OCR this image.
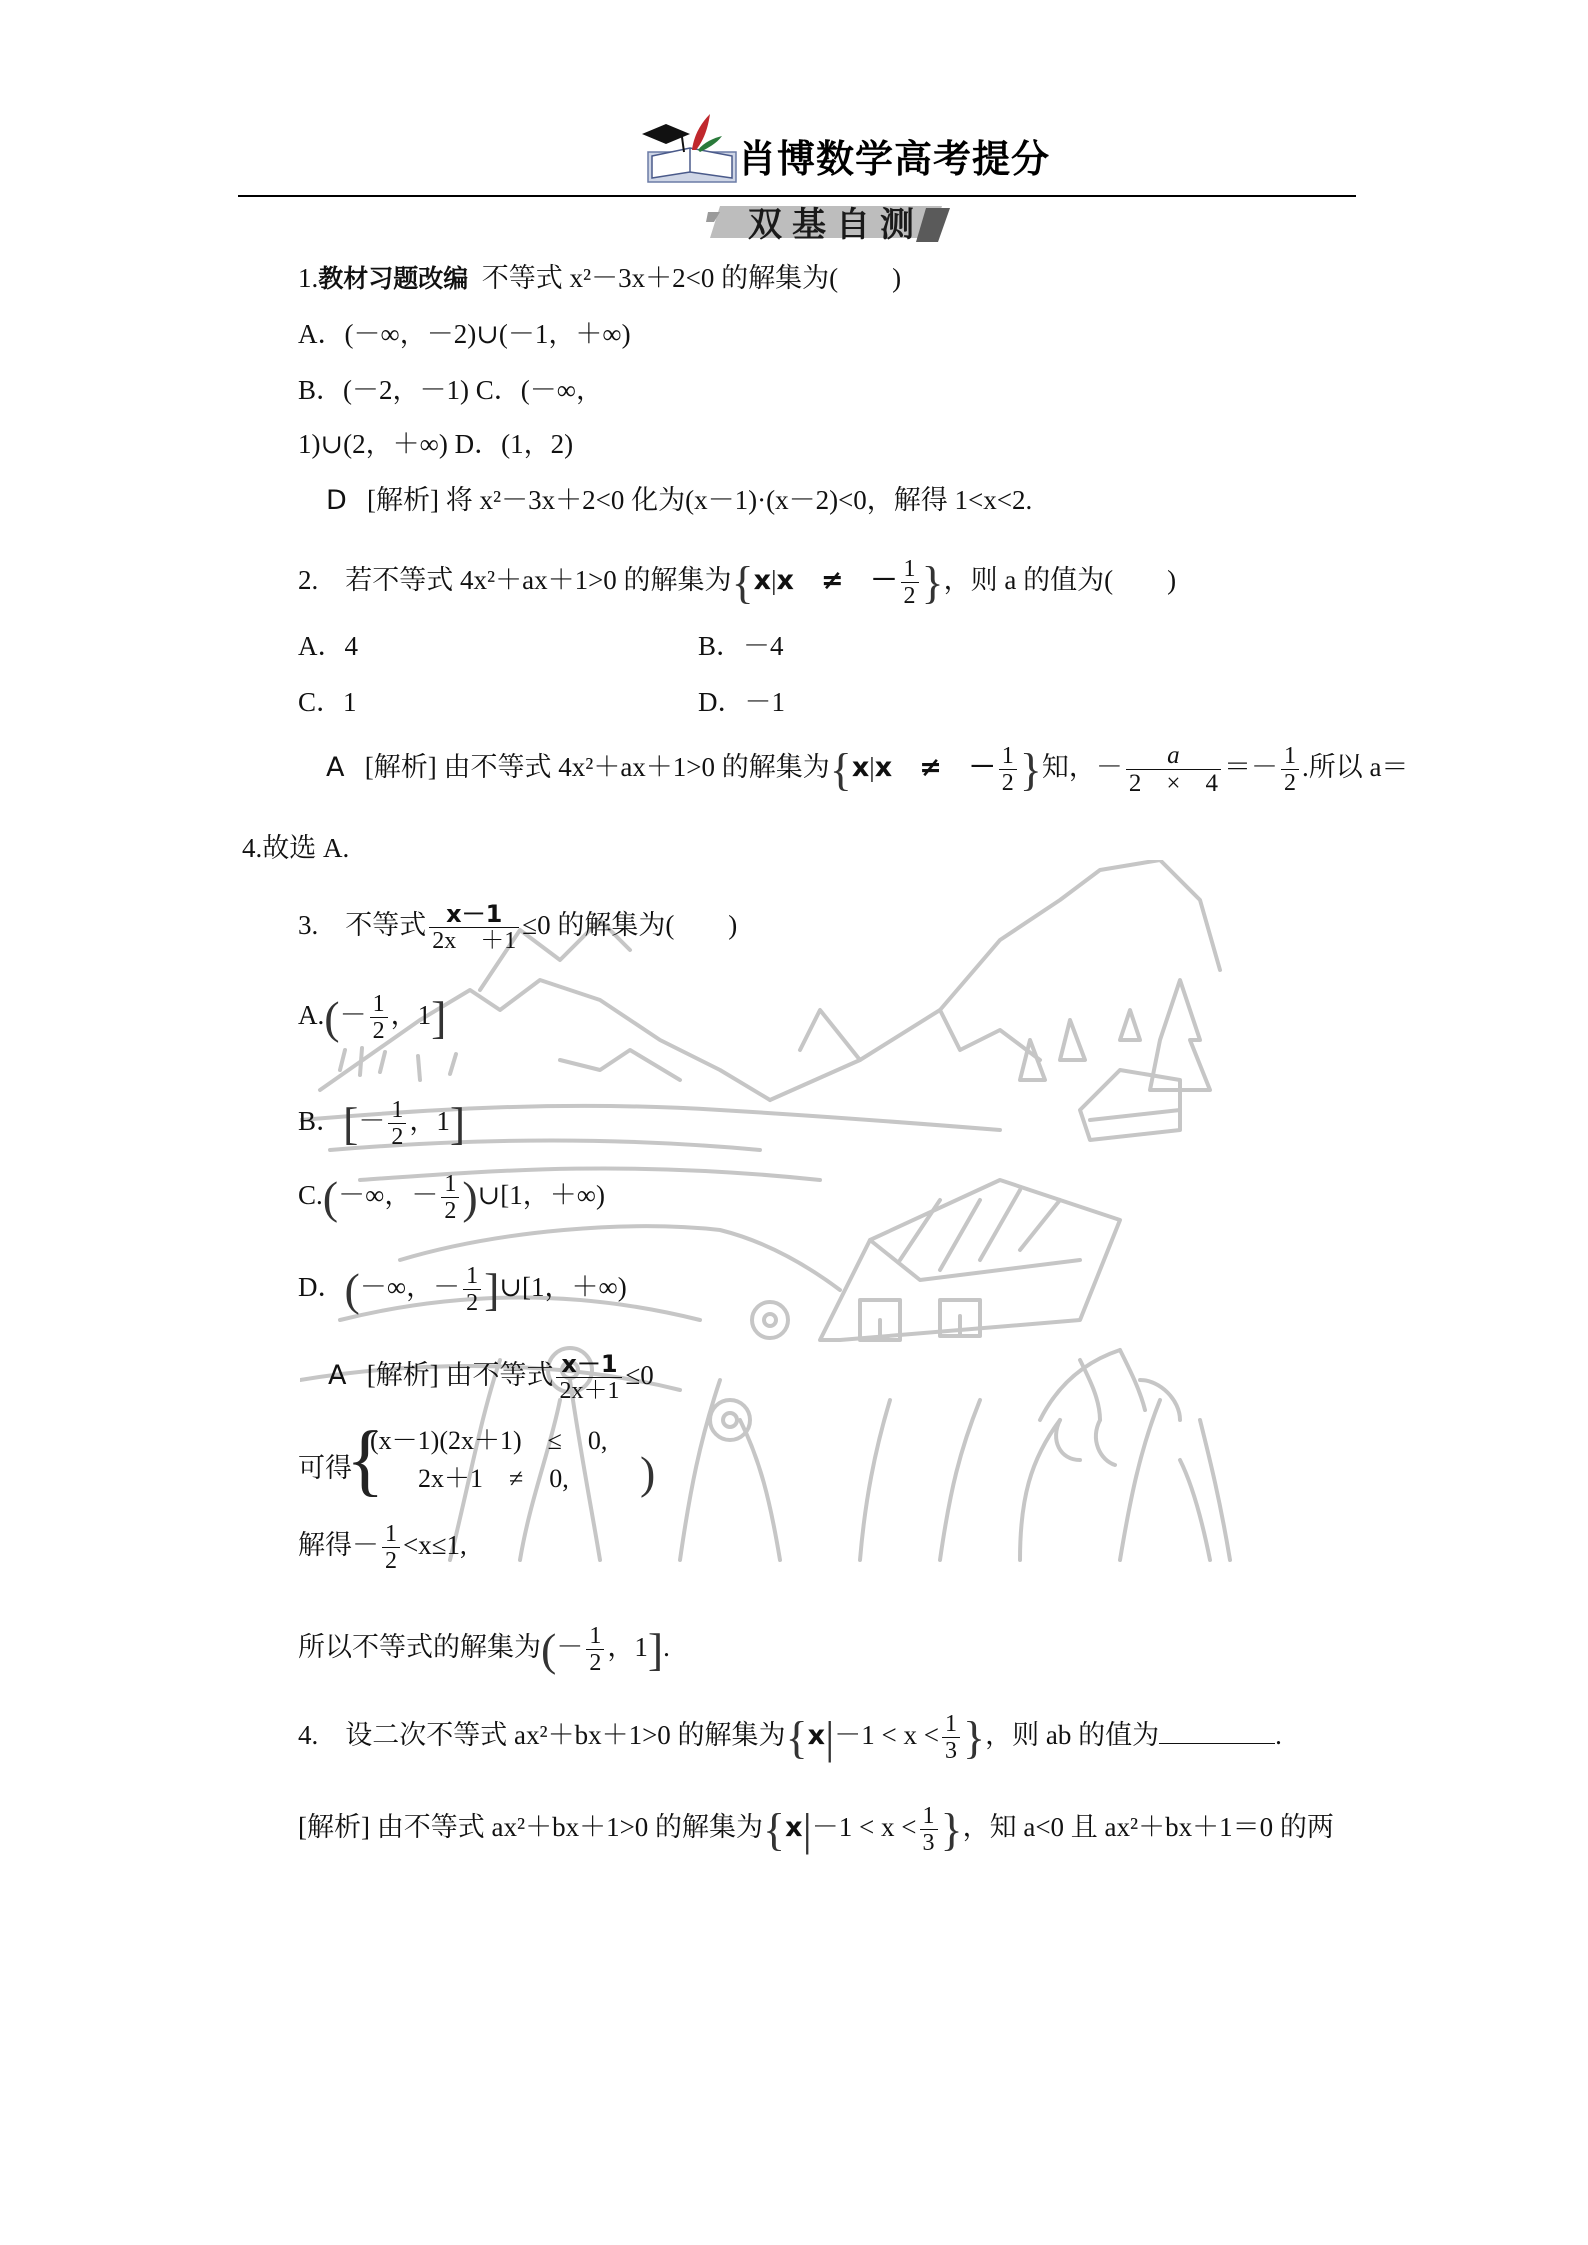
肖博数学高考提分
双基自测
1.教材习题改编 不等式 x²－3x＋2<0 的解集为(　　)
A．(－∞，－2)∪(－1，＋∞)
B．(－2，－1) C．(－∞，
1)∪(2，＋∞) D．(1，2)
D [解析] 将 x²－3x＋2<0 化为(x－1)·(x－2)<0，解得 1<x<2.
2.　若不等式 4x²＋ax＋1>0 的解集为{x|x　≠　－ $\frac{1}{2}$ }，则 a 的值为(　　)
A．4	B．－4
C．1	D．－1
A [解析] 由不等式 4x²＋ax＋1>0 的解集为{x|x　≠　－ $\frac{1}{2}$ }知，－ $\frac{a}{2 \times 4} =- \frac{1}{2}$ .所以 a＝
4.故选 A.
3.　不等式 $\frac{x-1}{2x +1} \le 0$ 的解集为(　　)
$A.(- \frac{1}{2}$ ，1]
B．[－ $\frac{1}{2}$ ，1]
C.(－∞，－ $\frac{1}{2}$ )∪[1，＋∞)
D．(－∞，－ $\frac{1}{2}$ ]∪[1，＋∞)
A [解析] 由不等式 $\frac{x-1}{2x+1} \le 0$
可得
{
(x－1)(2x＋1)　≤　0,
2x＋1　≠　0,	)
解得－ $\frac{1}{2} <x\le 1$,
所以不等式的解集为(－ $\frac{1}{2}$ ，1].
4.　设二次不等式 ax²＋bx＋1>0 的解集为{$x|-1 < x < \frac{1}{3}$ }，则 ab 的值为	.
[解析] 由不等式 ax²＋bx＋1>0 的解集为{$x|-1 < x < \frac{1}{3}$ }，知 a<0 且 ax²＋bx＋1＝0 的两
